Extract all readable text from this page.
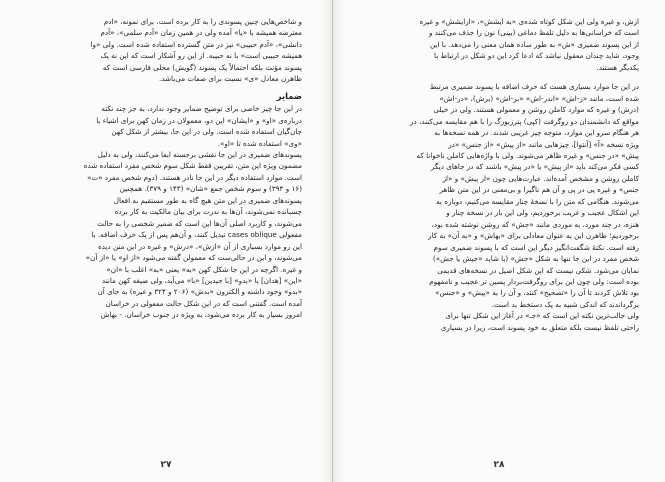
و شاخص‌هایی چنین پسوندی را به کار برده است. برای نمونه، «ادم
معترضه همیشه با «یا» آمده ولی در همین زمان «آدم سلمی»، «آدم
دانشی»، «آدم حبیبی» نیز در متن گسترده استفاده شده است. ولی «وا
همیشه حبیبی است» با نه حبیبه. از این رو آشکار است که این نه یک
پسوند مؤنث بلکه احتمالاً یک پسوند (گویش) محلی فارسی است که
ظاهرن معادل «ی» نسبت برای صفات می‌باشد.
ضمایر
در این جا چیز خاصی برای توضیح ضمایر وجود ندارد، به جز چند نکته
درباره‌ی «او» و «ایشان» این دو، معمولان در زمان کهن برای اشیاء یا
جان‌گیان استفاده شده است. ولی در این جا، بیشتر از شکل کهن
«وی» استفاده شده تا «او».
پسوندهای ضمیری در این جا نقشی برجسته ایفا می‌کنند، ولی به دلیل
مضمون ویژه این متن، تقریبن فقط شکل سوم شخص مفرد استفاده شده
است. موارد استفاده دیگر در این جا نادر هستند. (دوم شخص مفرد «ت»
(۱۶ و ۳۹۴) و سوم شخص جمع «شان» (۱۴۳ و ۳۷۹). همچنین
پسوندهای ضمیری در این متن هیچ گاه به طور مستقیم به افعال
چسبانده نمی‌شوند، آن‌ها به ندرت برای بیان مالکیت به کار برده
می‌شوند، و کاربرد اصلی آن‌ها این است که ضمیر شخصی را به حالت
مفعولی cases oblique تبدیل کنند، و آن‌هم پس از یک حرف اضافه. با
این رو موارد بسیاری از آن «ازش»، «درش» و غیره در این متن دیده
می‌شوند، و این در حالی‌ست که معمولن گفته می‌شود «از او» یا «از آن»
و غیره. اگرچه در این جا شکل کهن «به» یعنی «به» اغلب با «ان»
«این» [هدان] یا «بدو» [با جیدین] «با» می‌آید، ولی صیغه کهن مانند
«بدو» وجود داشته و الکترون «بدش» (۲۰۶ و ۳۲۴ و غیره) به جای آن
آمده است. گفتنی است که در این شکل حالت مفعولی در خراسان
امروز بسیار به کار برده می‌شود، به ویژه در جنوب خراسان. - بهاش
۲۷
ازش، و غیره ولی این شکل کوتاه شده‌ی «به ایشش»، «ازایشش» و غیره
است که خراسانی‌ها به دلیل تلفظ دماغی (بینی) نون را حذف می‌کنند و
از این پسوند ضمیری «ش» به طور ساده همان معنی را می‌دهد. با این
وجود، شاید چندان معقول نباشد که ادعا کرد این دو شکل در ارتباط با
یکدیگر هستند.
در این جا موارد بسیاری هست که حرف اضافه با پسوند ضمیری مرتبط
شده است، مانند «ز-اش» «اندر-اش» «بر-اش» (برش)، «در-اش»
(درش) و غیره که موارد کاملن روشن و معمولی هستند. ولی در خیلی
مواقع که دانشمندان دو روگرفت (کپی) پترزبورگ را با هم مقایسه می‌کنند، در
هر هنگام سرو این موارد، متوجه چیز غریبی شدند. در همه نسخه‌ها به
ویژه نسخه «آ» [آنتوا]، چیزهایی مانند «از پیش» «از جنس» «در
پیش» «در جنس» و غیره ظاهر می‌شوند. ولی با واژه‌هایی کاملن ناخوانا که
کسی فکر می‌کند باید «از پیش» یا «در پیش» باشند که در جاهای دیگر
کاملن روشن و مشخص آمده‌اند. عبارت‌هایی چون «از پیش» و «از
جنس» و غیره پی در پی و آن هم ناگیرا و بی‌معنی در این متن ظاهر
می‌شوند. هنگامی که متن را با نسخهٔ چنار مقایسه می‌کنیم، دوباره به
این اشکال عجیب و غریب برخوردیم، ولی این بار در نسخه چنار و
هنزه، در چند مورد، به موردی مانند «جش» که روشن نوشته شده بود،
برخوردیم؛ ظاهرن این به عنوان معادلی برای «بهاش» و «به آن» به کار
رفته است. نکتهٔ شگفت‌انگیز دیگر این است که با پسوند ضمیری سوم
شخص مفرد در این جا تنها به شکل «جش» (با شاید «جیش یا جش»)
نمایان می‌شود. شکی نیست که این شکل اصیل در نسخه‌های قدیمی
بوده است: ولی چون این برای روگرفت‌بردار پسین تر عجیب و نامفهوم
بود تلاش کردند تا آن را «تصحیح» کنند، و آن را به «پیش» و «جنس»
برگرداندند که اندکی شبیه به یک دستخط بد است.
ولی جالب‌ترین نکته این است که «جـ» در آغاز این شکل تنها برای
راحتی تلفظ نیست بلکه متعلق به خود پسوند است، زیرا در بسیاری
۲۸
